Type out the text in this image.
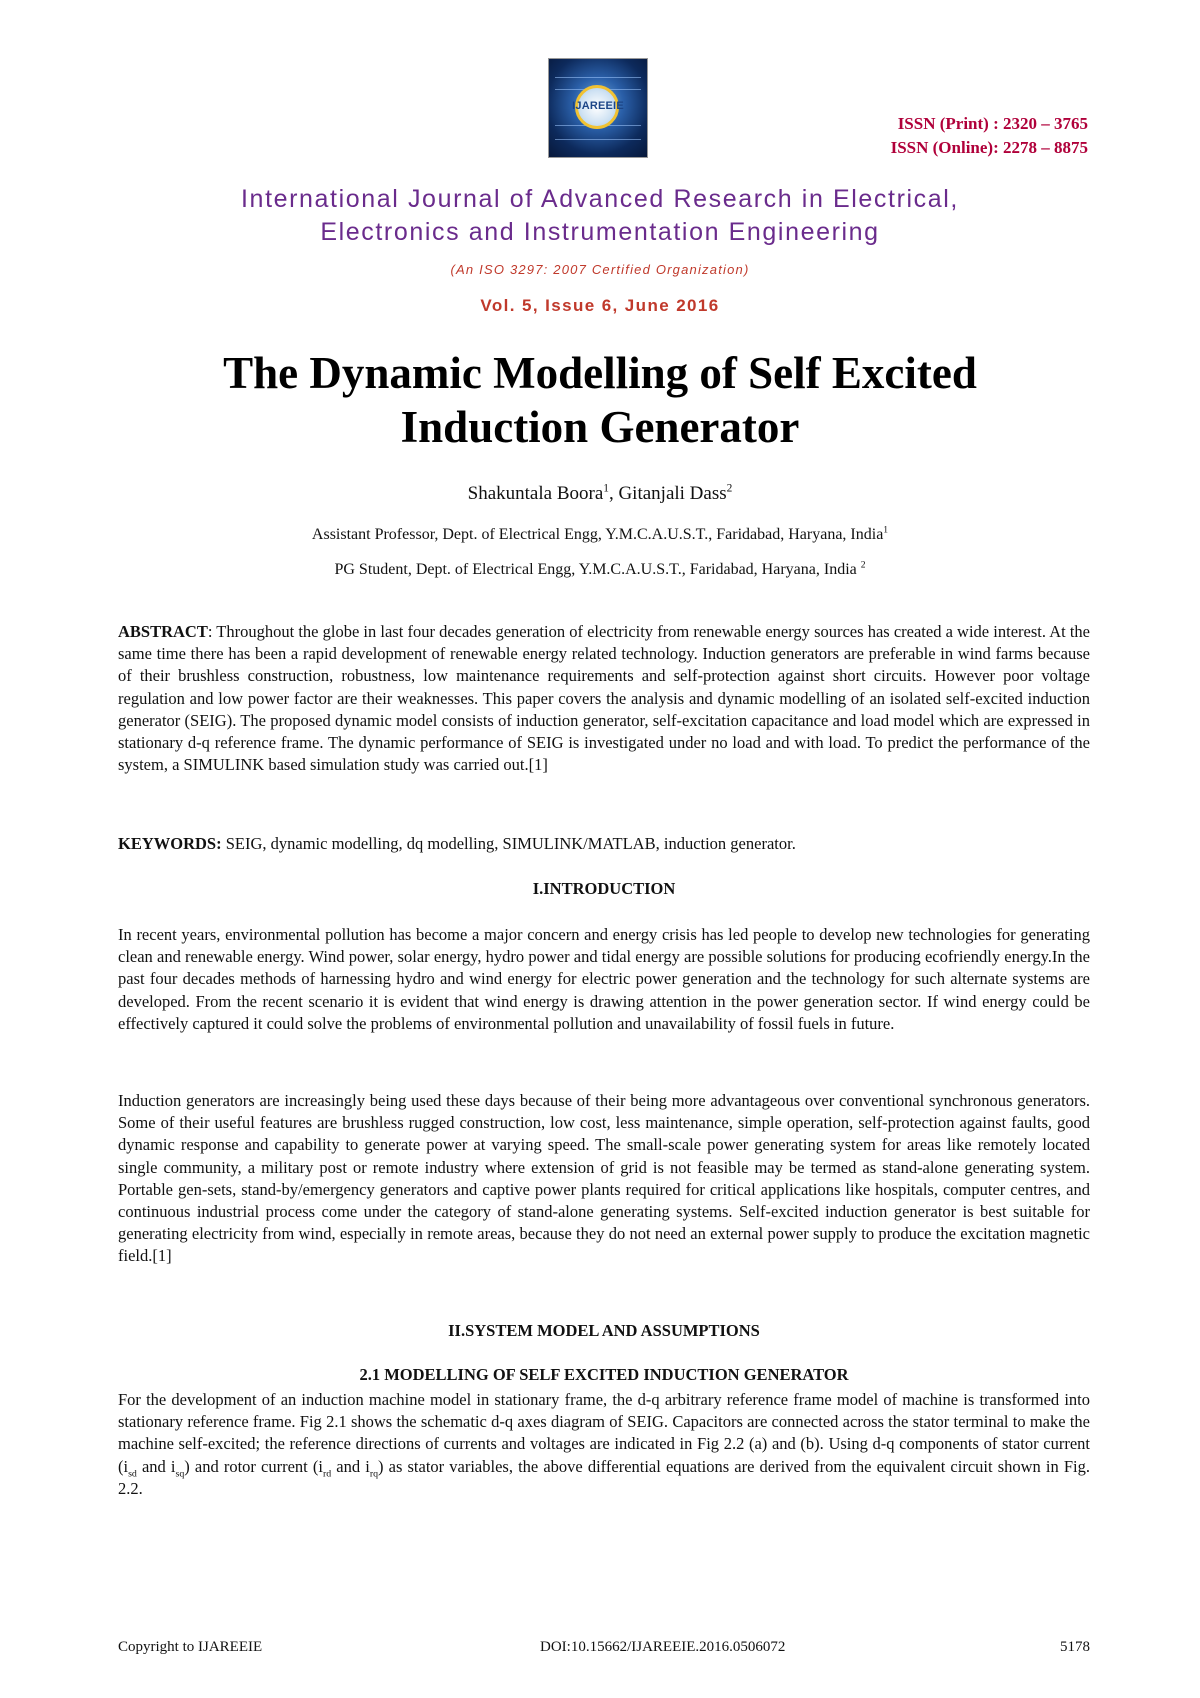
IJAREEIE
ISSN (Print) : 2320 – 3765
ISSN (Online): 2278 – 8875
International Journal of Advanced Research in Electrical,
Electronics and Instrumentation Engineering
(An ISO 3297: 2007 Certified Organization)
Vol. 5, Issue 6, June 2016
The Dynamic Modelling of Self Excited
Induction Generator
Shakuntala Boora$^1$, Gitanjali Dass$^2$
Assistant Professor, Dept. of Electrical Engg, Y.M.C.A.U.S.T., Faridabad, Haryana, India$^1$
PG Student, Dept. of Electrical Engg, Y.M.C.A.U.S.T., Faridabad, Haryana, India $^2$
ABSTRACT: Throughout the globe in last four decades generation of electricity from renewable energy sources has created a wide interest. At the same time there has been a rapid development of renewable energy related technology. Induction generators are preferable in wind farms because of their brushless construction, robustness, low maintenance requirements and self-protection against short circuits. However poor voltage regulation and low power factor are their weaknesses. This paper covers the analysis and dynamic modelling of an isolated self-excited induction generator (SEIG). The proposed dynamic model consists of induction generator, self-excitation capacitance and load model which are expressed in stationary d-q reference frame. The dynamic performance of SEIG is investigated under no load and with load. To predict the performance of the system, a SIMULINK based simulation study was carried out.[1]
KEYWORDS: SEIG, dynamic modelling, dq modelling, SIMULINK/MATLAB, induction generator.
I.INTRODUCTION
In recent years, environmental pollution has become a major concern and energy crisis has led people to develop new technologies for generating clean and renewable energy. Wind power, solar energy, hydro power and tidal energy are possible solutions for producing ecofriendly energy.In the past four decades methods of harnessing hydro and wind energy for electric power generation and the technology for such alternate systems are developed. From the recent scenario it is evident that wind energy is drawing attention in the power generation sector. If wind energy could be effectively captured it could solve the problems of environmental pollution and unavailability of fossil fuels in future.
Induction generators are increasingly being used these days because of their being more advantageous over conventional synchronous generators. Some of their useful features are brushless rugged construction, low cost, less maintenance, simple operation, self-protection against faults, good dynamic response and capability to generate power at varying speed. The small-scale power generating system for areas like remotely located single community, a military post or remote industry where extension of grid is not feasible may be termed as stand-alone generating system. Portable gen-sets, stand-by/emergency generators and captive power plants required for critical applications like hospitals, computer centres, and continuous industrial process come under the category of stand-alone generating systems. Self-excited induction generator is best suitable for generating electricity from wind, especially in remote areas, because they do not need an external power supply to produce the excitation magnetic field.[1]
II.SYSTEM MODEL AND ASSUMPTIONS
2.1 MODELLING OF SELF EXCITED INDUCTION GENERATOR
For the development of an induction machine model in stationary frame, the d-q arbitrary reference frame model of machine is transformed into stationary reference frame. Fig 2.1 shows the schematic d-q axes diagram of SEIG. Capacitors are connected across the stator terminal to make the machine self-excited; the reference directions of currents and voltages are indicated in Fig 2.2 (a) and (b). Using d-q components of stator current ($i_{sd}$ and $i_{sq}$) and rotor current ($i_{rd}$ and $i_{rq}$) as stator variables, the above differential equations are derived from the equivalent circuit shown in Fig. 2.2.
Copyright to IJAREEIE	DOI:10.15662/IJAREEIE.2016.0506072	5178
